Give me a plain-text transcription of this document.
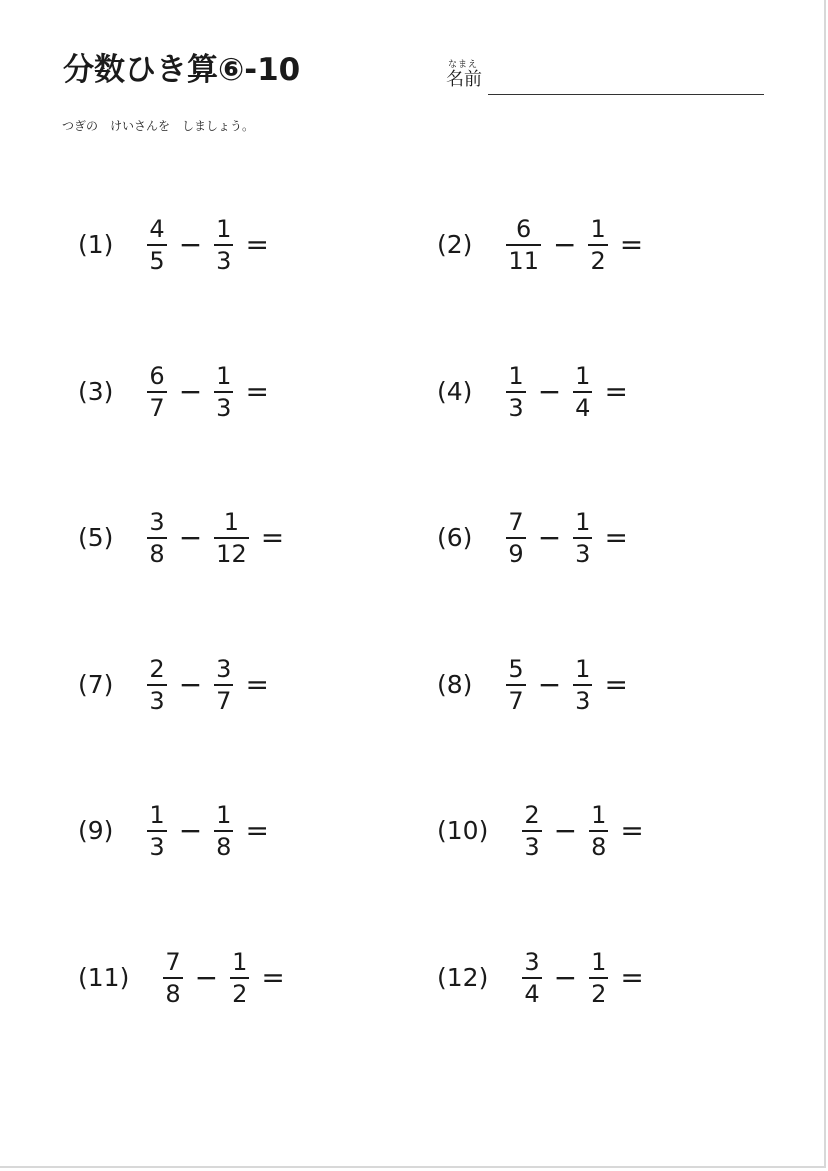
分数ひき算⑥-10	なまえ
名前
つぎの　けいさんを　しましょう。
$(1) \frac{4}{5} - \frac{1}{3}$ =
$(3) \frac{6}{7} - \frac{1}{3}$ =
$(5) \frac{3}{8} - \frac{1}{12}$ =
$(7) \frac{2}{3} - \frac{3}{7}$ =
$(9) \frac{1}{3} - \frac{1}{8}$ =
$(11) \frac{7}{8} - \frac{1}{2}$ =
$(2) \frac{6}{11} - \frac{1}{2}$ =
$(4) \frac{1}{3} - \frac{1}{4}$ =
$(6) \frac{7}{9} - \frac{1}{3}$ =
$(8) \frac{5}{7} - \frac{1}{3}$ =
$(10) \frac{2}{3} - \frac{1}{8}$ =
$(12) \frac{3}{4} - \frac{1}{2}$ =
